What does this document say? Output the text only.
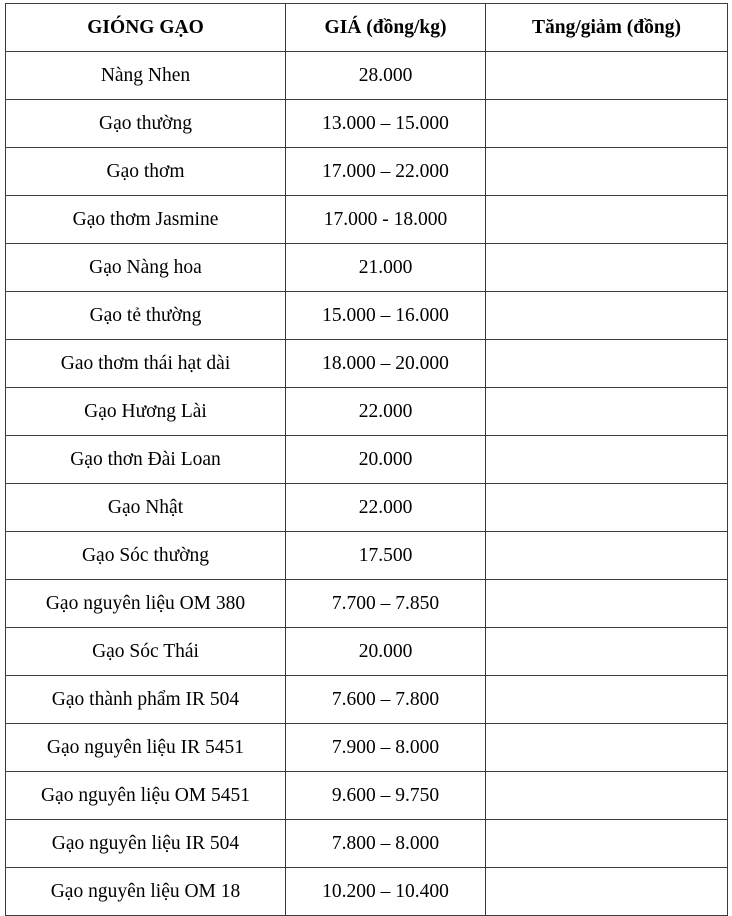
GIÓNG GẠO	GIÁ (đồng/kg)	Tăng/giảm (đồng)
Nàng Nhen	28.000	
Gạo thường	13.000 – 15.000	
Gạo thơm	17.000 – 22.000	
Gạo thơm Jasmine	17.000 - 18.000	
Gạo Nàng hoa	21.000	
Gạo tẻ thường	15.000 – 16.000	
Gao thơm thái hạt dài	18.000 – 20.000	
Gạo Hương Lài	22.000	
Gạo thơn Đài Loan	20.000	
Gạo Nhật	22.000	
Gạo Sóc thường	17.500	
Gạo nguyên liệu OM 380	7.700 – 7.850	
Gạo Sóc Thái	20.000	
Gạo thành phẩm IR 504	7.600 – 7.800	
Gạo nguyên liệu IR 5451	7.900 – 8.000	
Gạo nguyên liệu OM 5451	9.600 – 9.750	
Gạo nguyên liệu IR 504	7.800 – 8.000	
Gạo nguyên liệu OM 18	10.200 – 10.400	
